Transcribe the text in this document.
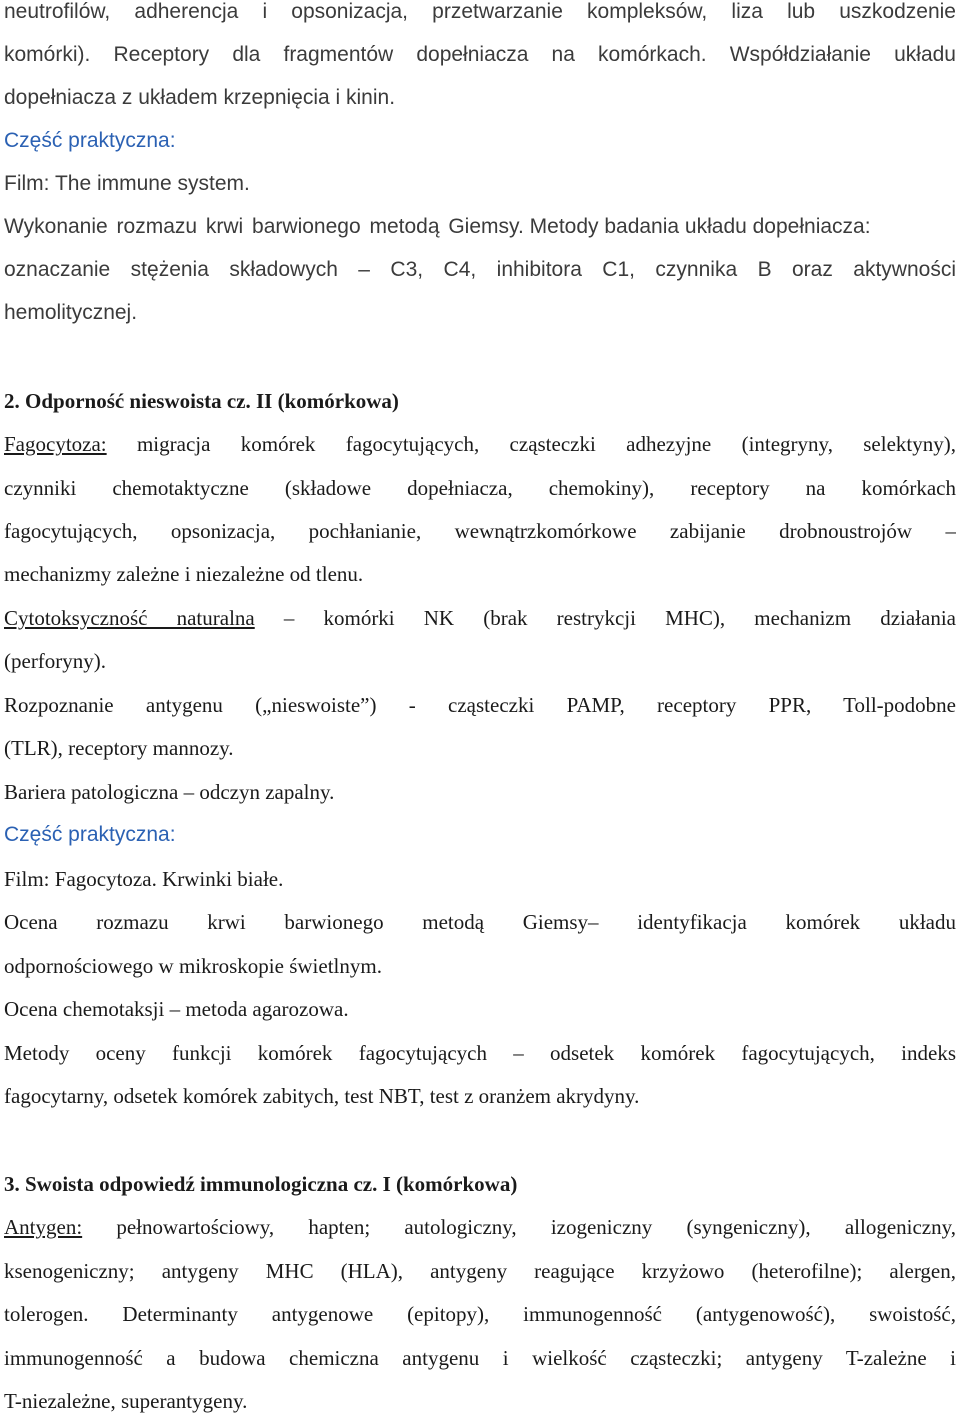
neutrofilów, adherencja i opsonizacja, przetwarzanie kompleksów, liza lub uszkodzenie
komórki). Receptory dla fragmentów dopełniacza na komórkach. Współdziałanie układu
dopełniacza z układem krzepnięcia i kinin.
Część praktyczna:
Film: The immune system.
Wykonanie rozmazu krwi barwionego metodą Giemsy. Metody badania układu dopełniacza:
oznaczanie stężenia składowych – C3, C4, inhibitora C1, czynnika B oraz aktywności
hemolitycznej.
2. Odporność nieswoista cz. II (komórkowa)
Fagocytoza: migracja komórek fagocytujących, cząsteczki adhezyjne (integryny, selektyny),
czynniki chemotaktyczne (składowe dopełniacza, chemokiny), receptory na komórkach
fagocytujących, opsonizacja, pochłanianie, wewnątrzkomórkowe zabijanie drobnoustrojów –
mechanizmy zależne i niezależne od tlenu.
Cytotoksyczność naturalna – komórki NK (brak restrykcji MHC), mechanizm działania
(perforyny).
Rozpoznanie antygenu („nieswoiste”) - cząsteczki PAMP, receptory PPR, Toll-podobne
(TLR), receptory mannozy.
Bariera patologiczna – odczyn zapalny.
Część praktyczna:
Film: Fagocytoza. Krwinki białe.
Ocena rozmazu krwi barwionego metodą Giemsy– identyfikacja komórek układu
odpornościowego w mikroskopie świetlnym.
Ocena chemotaksji – metoda agarozowa.
Metody oceny funkcji komórek fagocytujących – odsetek komórek fagocytujących, indeks
fagocytarny, odsetek komórek zabitych, test NBT, test z oranżem akrydyny.
3. Swoista odpowiedź immunologiczna cz. I (komórkowa)
Antygen: pełnowartościowy, hapten; autologiczny, izogeniczny (syngeniczny), allogeniczny,
ksenogeniczny; antygeny MHC (HLA), antygeny reagujące krzyżowo (heterofilne); alergen,
tolerogen. Determinanty antygenowe (epitopy), immunogenność (antygenowość), swoistość,
immunogenność a budowa chemiczna antygenu i wielkość cząsteczki; antygeny T-zależne i
T-niezależne, superantygeny.
